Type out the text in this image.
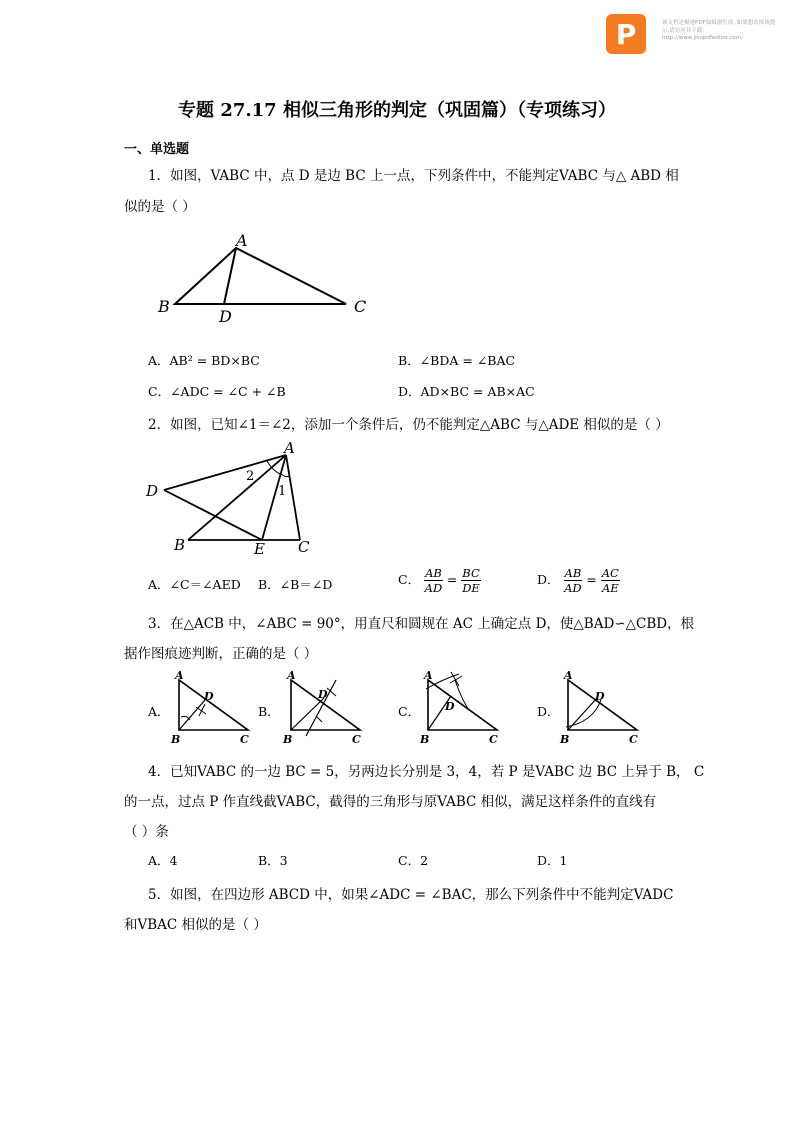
P	该文档是极速PDF编辑器生成, 如果想去掉该提示,请访问并下载: http://www.jisupdfeditor.com/
专题 27.17 相似三角形的判定（巩固篇）（专项练习）
一、单选题
1．如图，VABC 中，点 D 是边 BC 上一点，下列条件中，不能判定VABC 与△ ABD 相
似的是（ ）
A
B	C
D
A．AB² = BD×BC	B．∠BDA = ∠BAC
C．∠ADC = ∠C + ∠B	D．AD×BC = AB×AC
2．如图，已知∠1＝∠2，添加一个条件后，仍不能判定△ABC 与△ADE 相似的是（ ）
A
D
B	E C
2
1
A．∠C＝∠AED B．∠B＝∠D	C． $\frac{AB}{AD} = \frac{BC}{DE}$	D． $\frac{AB}{AD} = \frac{AC}{AE}$
3．在△ACB 中，∠ABC = 90°，用直尺和圆规在 AC 上确定点 D，使△BAD∽△CBD，根
据作图痕迹判断，正确的是（ ）
A．	B．	C．	D．
A
D
B	C
A
D
B	C
A
D
B	C
A
D
B	C
4．已知VABC 的一边 BC = 5，另两边长分别是 3，4，若 P 是VABC 边 BC 上异于 B， C
的一点，过点 P 作直线截VABC，截得的三角形与原VABC 相似，满足这样条件的直线有
（ ）条
A．4	B．3	C．2	D．1
5．如图，在四边形 ABCD 中，如果∠ADC = ∠BAC，那么下列条件中不能判定VADC
和VBAC 相似的是（ ）
